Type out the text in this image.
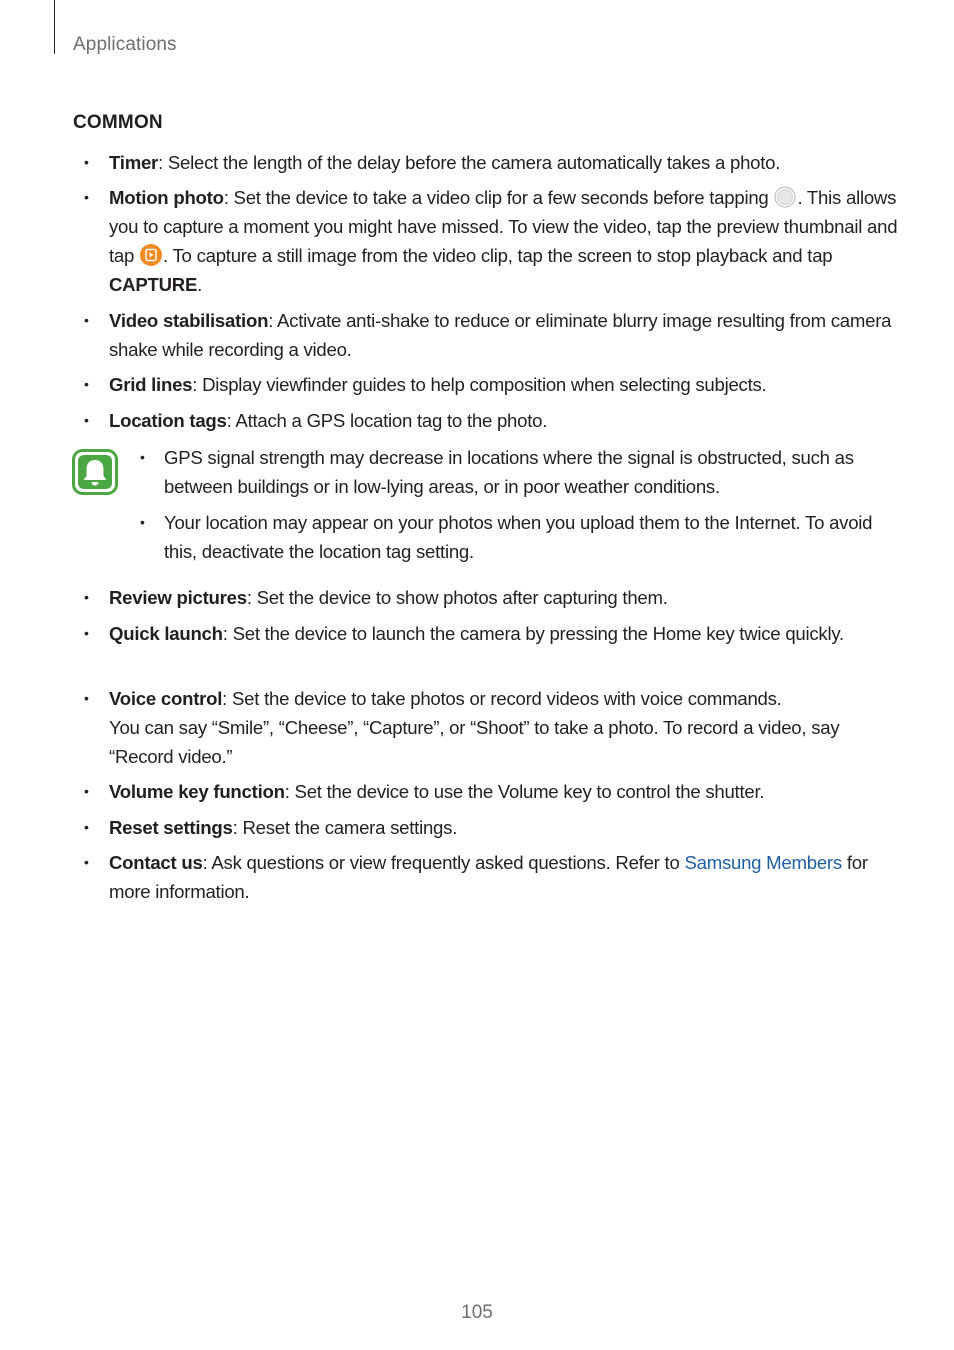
Applications
COMMON
• Timer: Select the length of the delay before the camera automatically takes a photo.
• Motion photo: Set the device to take a video clip for a few seconds before tapping . This allows you to capture a moment you might have missed. To view the video, tap the preview thumbnail and tap . To capture a still image from the video clip, tap the screen to stop playback and tap CAPTURE.
• Video stabilisation: Activate anti-shake to reduce or eliminate blurry image resulting from camera shake while recording a video.
• Grid lines: Display viewfinder guides to help composition when selecting subjects.
• Location tags: Attach a GPS location tag to the photo.
• GPS signal strength may decrease in locations where the signal is obstructed, such as between buildings or in low-lying areas, or in poor weather conditions.
• Your location may appear on your photos when you upload them to the Internet. To avoid this, deactivate the location tag setting.
• Review pictures: Set the device to show photos after capturing them.
• Quick launch: Set the device to launch the camera by pressing the Home key twice quickly.
• Voice control: Set the device to take photos or record videos with voice commands.
You can say “Smile”, “Cheese”, “Capture”, or “Shoot” to take a photo. To record a video, say “Record video.”
• Volume key function: Set the device to use the Volume key to control the shutter.
• Reset settings: Reset the camera settings.
• Contact us: Ask questions or view frequently asked questions. Refer to Samsung Members for more information.
105
